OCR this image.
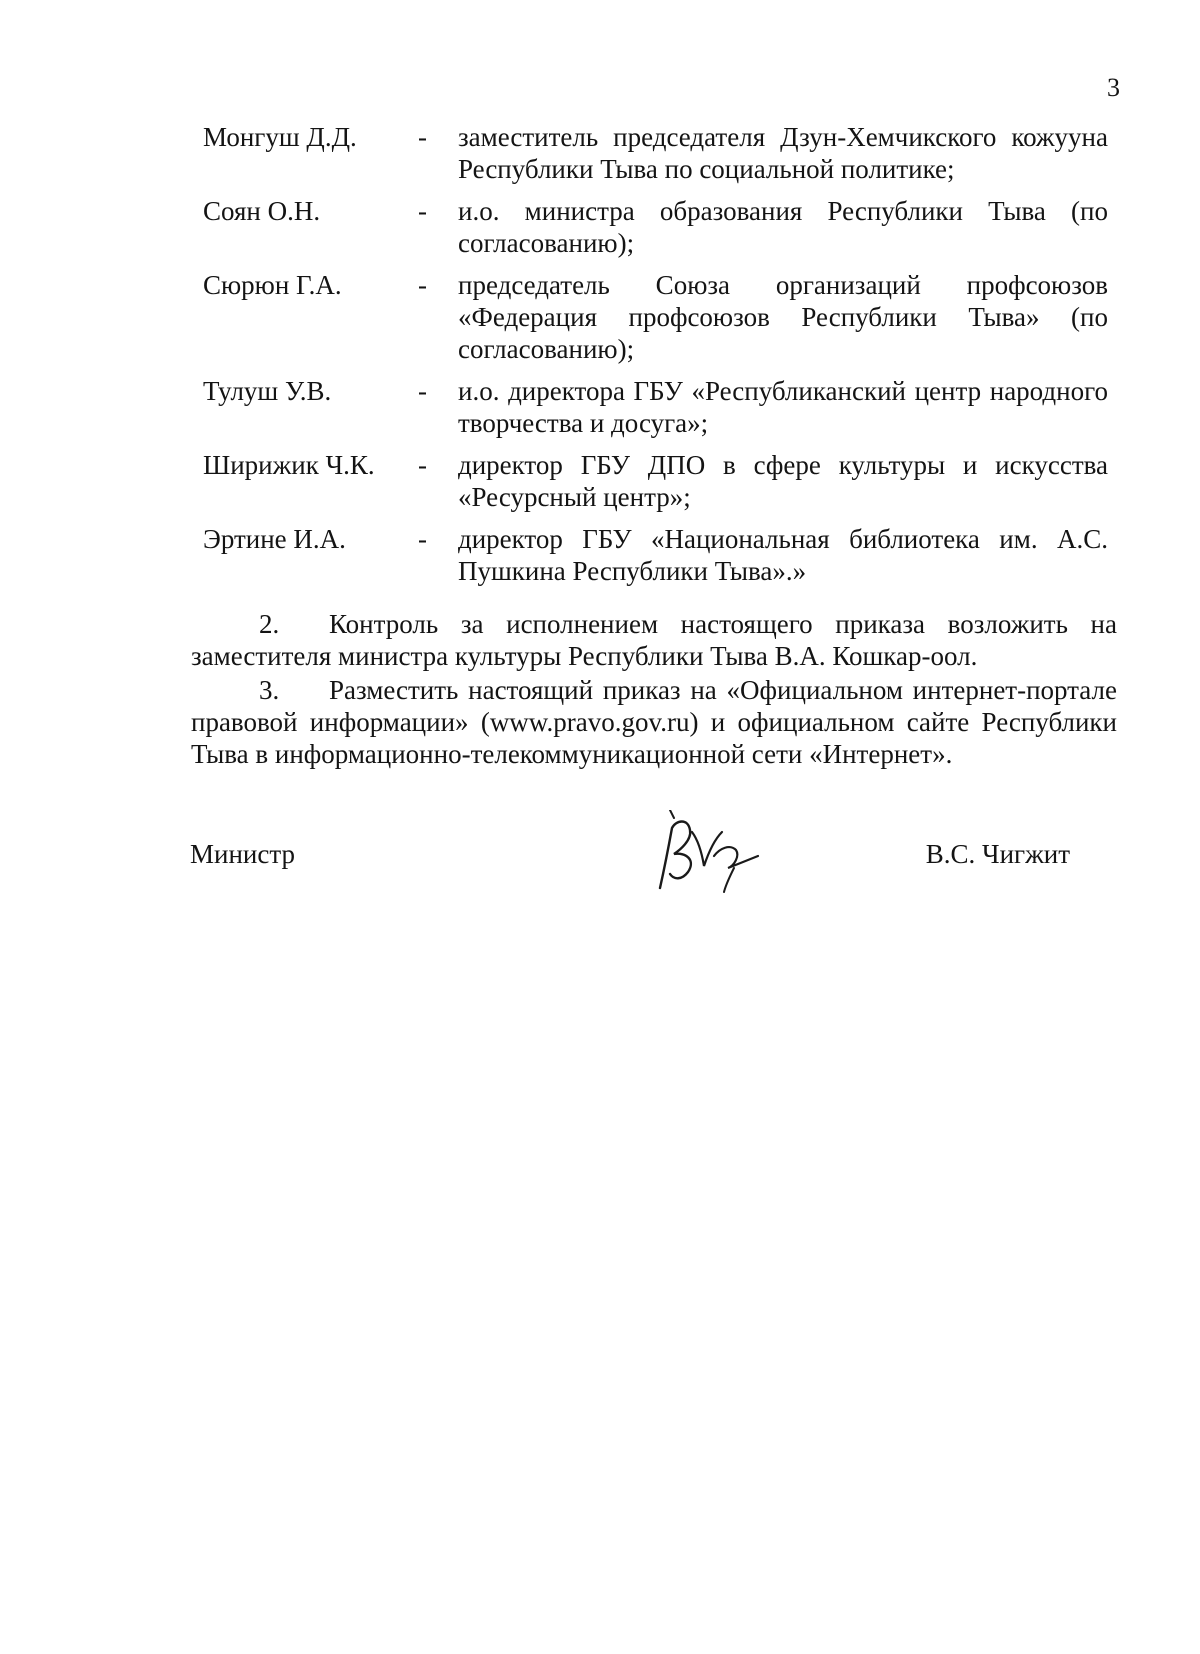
3
Монгуш Д.Д.	-	заместитель председателя Дзун-Хемчикского кожууна Республики Тыва по социальной политике;
Соян О.Н.	-	и.о. министра образования Республики Тыва (по согласованию);
Сюрюн Г.А.	-	председатель Союза организаций профсоюзов «Федерация профсоюзов Республики Тыва» (по согласованию);
Тулуш У.В.	-	и.о. директора ГБУ «Республиканский центр народного творчества и досуга»;
Ширижик Ч.К.	-	директор ГБУ ДПО в сфере культуры и искусства «Ресурсный центр»;
Эртине И.А.	-	директор ГБУ «Национальная библиотека им. А.С. Пушкина Республики Тыва».»

2. Контроль за исполнением настоящего приказа возложить на заместителя министра культуры Республики Тыва В.А. Кошкар-оол.

3. Разместить настоящий приказ на «Официальном интернет-портале правовой информации» (www.pravo.gov.ru) и официальном сайте Республики Тыва в информационно-телекоммуникационной сети «Интернет».

Министр	В.С. Чигжит
